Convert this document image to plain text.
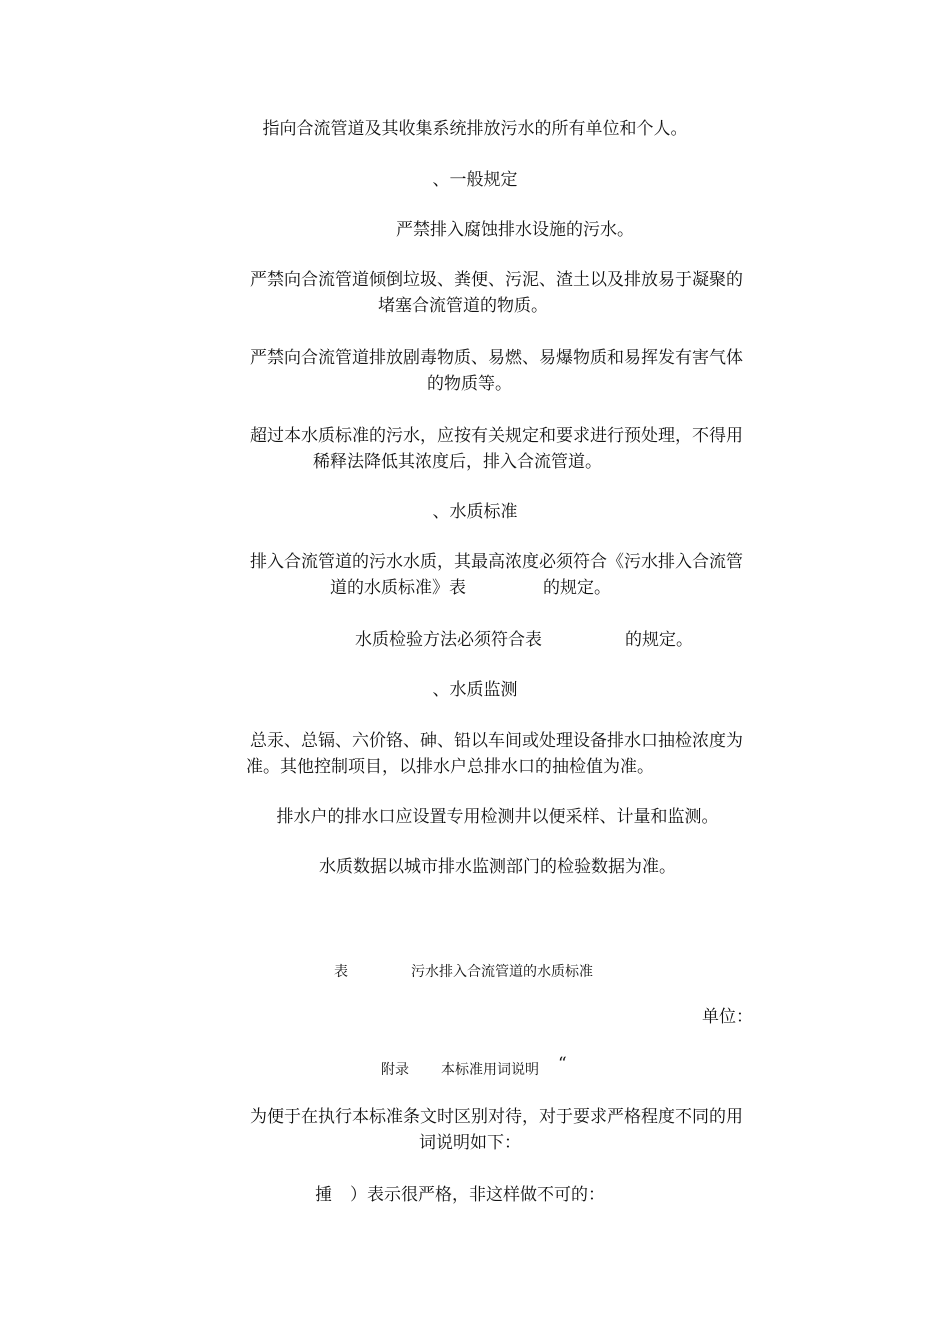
指向合流管道及其收集系统排放污水的所有单位和个人。
、一般规定
严禁排入腐蚀排水设施的污水。
严禁向合流管道倾倒垃圾、粪便、污泥、渣土以及排放易于凝聚的
堵塞合流管道的物质。
严禁向合流管道排放剧毒物质、易燃、易爆物质和易挥发有害气体
的物质等。
超过本水质标准的污水，应按有关规定和要求进行预处理，不得用
稀释法降低其浓度后，排入合流管道。
、水质标准
排入合流管道的污水水质，其最高浓度必须符合《污水排入合流管
道的水质标准》表	的规定。
水质检验方法必须符合表	的规定。
、水质监测
总汞、总镉、六价铬、砷、铅以车间或处理设备排水口抽检浓度为
准。其他控制项目，以排水户总排水口的抽检值为准。
排水户的排水口应设置专用检测井以便采样、计量和监测。
水质数据以城市排水监测部门的检验数据为准。
表	污水排入合流管道的水质标准
单位：
附录 本标准用词说明 “
为便于在执行本标准条文时区别对待，对于要求严格程度不同的用
词说明如下：
揰 ）表示很严格，非这样做不可的：
